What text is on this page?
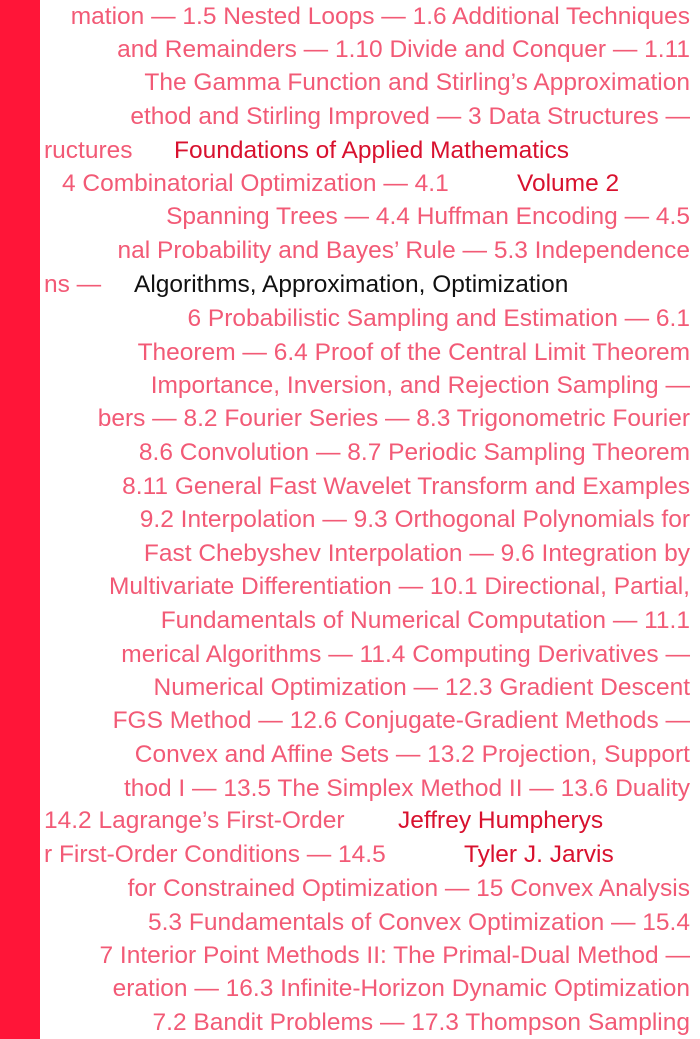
mation — 1.5 Nested Loops — 1.6 Additional Techniques
and Remainders — 1.10 Divide and Conquer — 1.11
The Gamma Function and Stirling’s Approximation
ethod and Stirling Improved — 3 Data Structures —
ructures
4 Combinatorial Optimization — 4.1
Spanning Trees — 4.4 Huffman Encoding — 4.5
nal Probability and Bayes’ Rule — 5.3 Independence
ns —
6 Probabilistic Sampling and Estimation — 6.1
Theorem — 6.4 Proof of the Central Limit Theorem
Importance, Inversion, and Rejection Sampling —
bers — 8.2 Fourier Series — 8.3 Trigonometric Fourier
8.6 Convolution — 8.7 Periodic Sampling Theorem
8.11 General Fast Wavelet Transform and Examples
9.2 Interpolation — 9.3 Orthogonal Polynomials for
Fast Chebyshev Interpolation — 9.6 Integration by
Multivariate Differentiation — 10.1 Directional, Partial,
Fundamentals of Numerical Computation — 11.1
merical Algorithms — 11.4 Computing Derivatives —
Numerical Optimization — 12.3 Gradient Descent
FGS Method — 12.6 Conjugate-Gradient Methods —
Convex and Affine Sets — 13.2 Projection, Support
thod I — 13.5 The Simplex Method II — 13.6 Duality
14.2 Lagrange’s First-Order
r First-Order Conditions — 14.5
for Constrained Optimization — 15 Convex Analysis
5.3 Fundamentals of Convex Optimization — 15.4
7 Interior Point Methods II: The Primal-Dual Method —
eration — 16.3 Infinite-Horizon Dynamic Optimization
7.2 Bandit Problems — 17.3 Thompson Sampling
Foundations of Applied Mathematics
Volume 2
Algorithms, Approximation, Optimization
Jeffrey Humpherys
Tyler J. Jarvis
